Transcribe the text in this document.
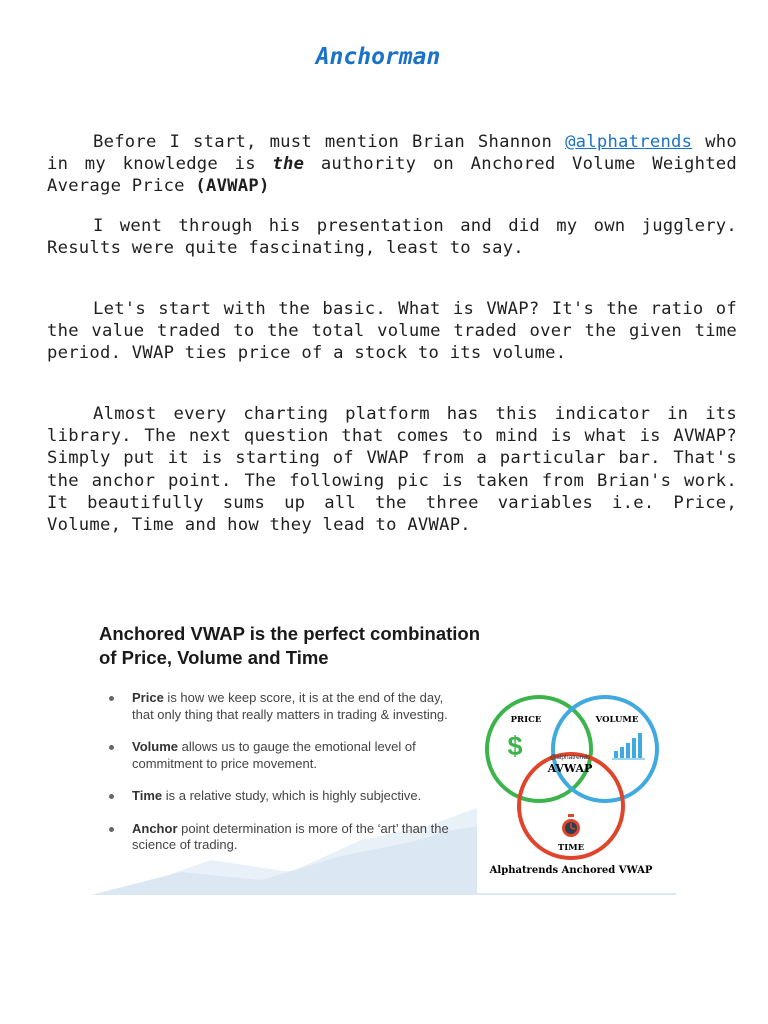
Anchorman

Before I start, must mention Brian Shannon @alphatrends who in my knowledge is the authority on Anchored Volume Weighted Average Price (AVWAP)

I went through his presentation and did my own jugglery. Results were quite fascinating, least to say.

Let's start with the basic. What is VWAP? It's the ratio of the value traded to the total volume traded over the given time period. VWAP ties price of a stock to its volume.

Almost every charting platform has this indicator in its library. The next question that comes to mind is what is AVWAP? Simply put it is starting of VWAP from a particular bar. That's the anchor point. The following pic is taken from Brian's work. It beautifully sums up all the three variables i.e. Price, Volume, Time and how they lead to AVWAP.

Anchored VWAP is the perfect combination
of Price, Volume and Time
Price is how we keep score, it is at the end of the day, that only thing that really matters in trading & investing.
Volume allows us to gauge the emotional level of commitment to price movement.
Time is a relative study, which is highly subjective.
Anchor point determination is more of the ‘art’ than the science of trading.
PRICE	VOLUME
$	@alphatrends
AVWAP
TIME
Alphatrends Anchored VWAP
